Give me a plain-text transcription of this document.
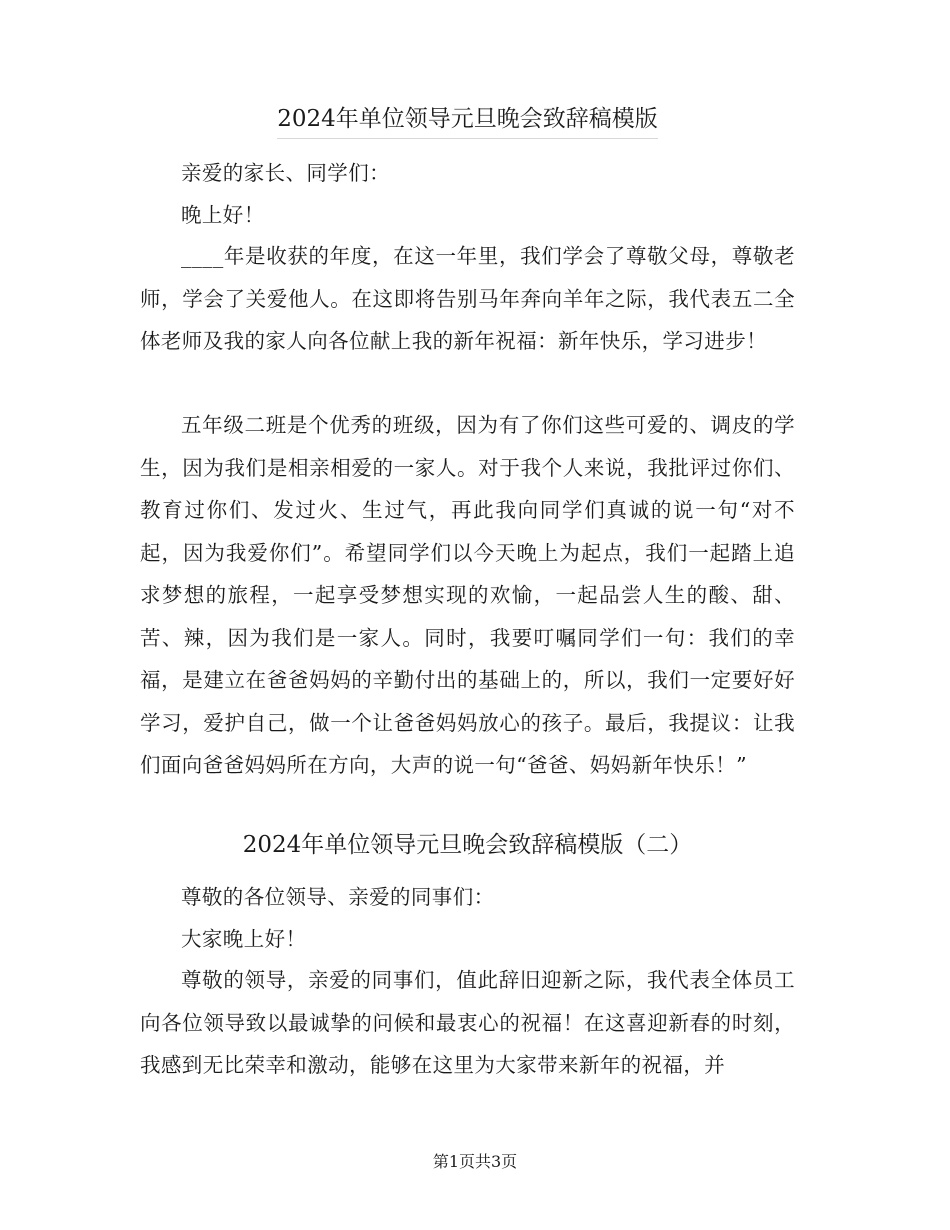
2024年单位领导元旦晚会致辞稿模版

亲爱的家长、同学们：

晚上好！

____年是收获的年度，在这一年里，我们学会了尊敬父母，尊敬老师，学会了关爱他人。在这即将告别马年奔向羊年之际，我代表五二全体老师及我的家人向各位献上我的新年祝福：新年快乐，学习进步！

五年级二班是个优秀的班级，因为有了你们这些可爱的、调皮的学生，因为我们是相亲相爱的一家人。对于我个人来说，我批评过你们、教育过你们、发过火、生过气，再此我向同学们真诚的说一句“对不起，因为我爱你们”。希望同学们以今天晚上为起点，我们一起踏上追求梦想的旅程，一起享受梦想实现的欢愉，一起品尝人生的酸、甜、苦、辣，因为我们是一家人。同时，我要叮嘱同学们一句：我们的幸福，是建立在爸爸妈妈的辛勤付出的基础上的，所以，我们一定要好好学习，爱护自己，做一个让爸爸妈妈放心的孩子。最后，我提议：让我们面向爸爸妈妈所在方向，大声的说一句“爸爸、妈妈新年快乐！”

2024年单位领导元旦晚会致辞稿模版（二）

尊敬的各位领导、亲爱的同事们：

大家晚上好！

尊敬的领导，亲爱的同事们，值此辞旧迎新之际，我代表全体员工向各位领导致以最诚挚的问候和最衷心的祝福！在这喜迎新春的时刻，我感到无比荣幸和激动，能够在这里为大家带来新年的祝福，并

第1页共3页
